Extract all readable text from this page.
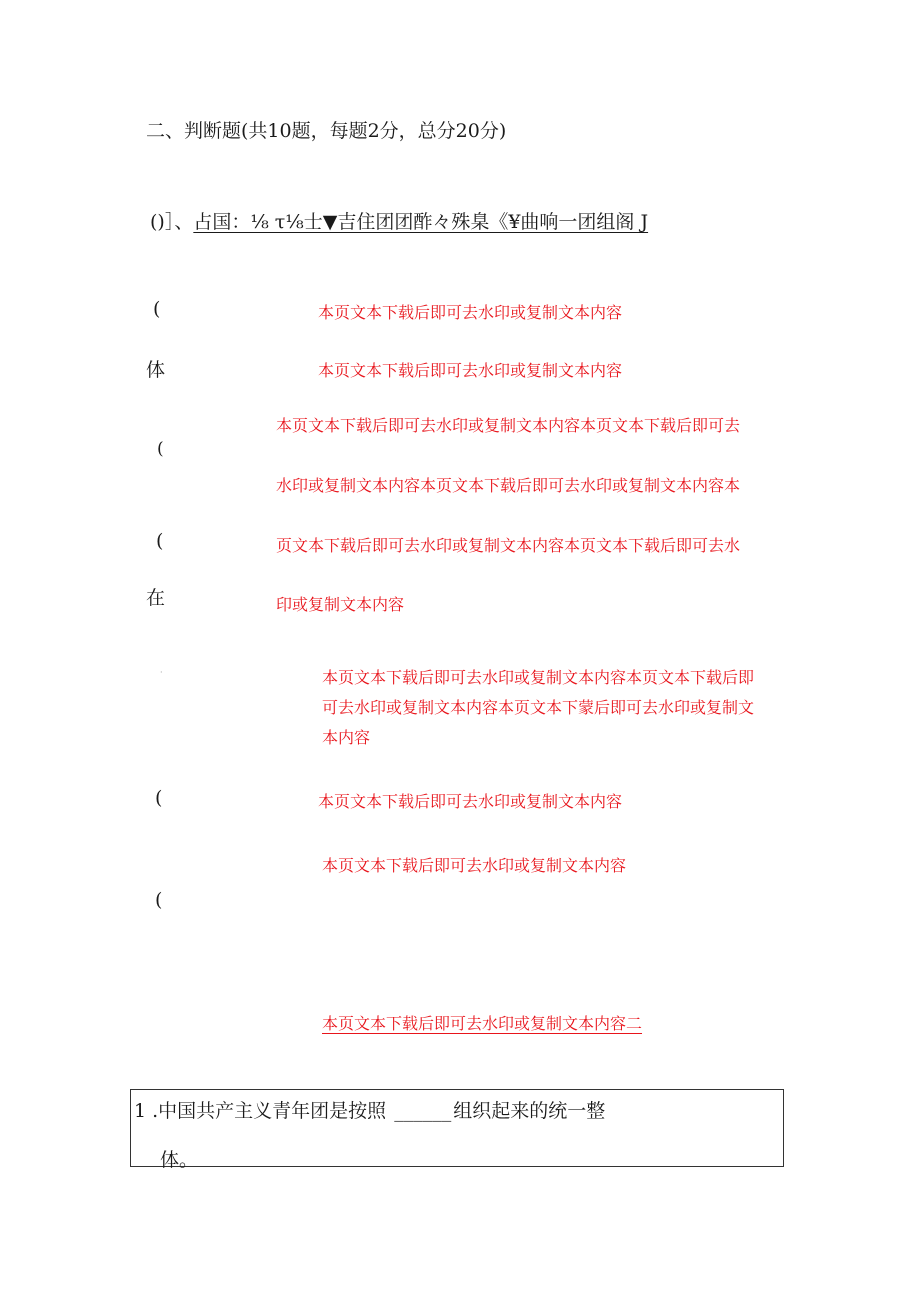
二、判断题(共10题，每题2分，总分20分)
()］、占国：⅛ τ⅛士▼吉住团团酢々殊臬《¥曲响一团组阁 J
(
体
(
(
在
·
(
(
本页文本下载后即可去水印或复制文本内容
本页文本下载后即可去水印或复制文本内容
本页文本下载后即可去水印或复制文本内容本页文本下载后即可去
水印或复制文本内容本页文本下载后即可去水印或复制文本内容本
页文本下载后即可去水印或复制文本内容本页文本下载后即可去水
印或复制文本内容
本页文本下载后即可去水印或复制文本内容本页文本下载后即
可去水印或复制文本内容本页文本下蒙后即可去水印或复制文
本内容
本页文本下载后即可去水印或复制文本内容
本页文本下载后即可去水印或复制文本内容
本页文本下载后即可去水印或复制文本内容二
1 .中国共产主义青年团是按照 ______ 组织起来的统一整
体。
